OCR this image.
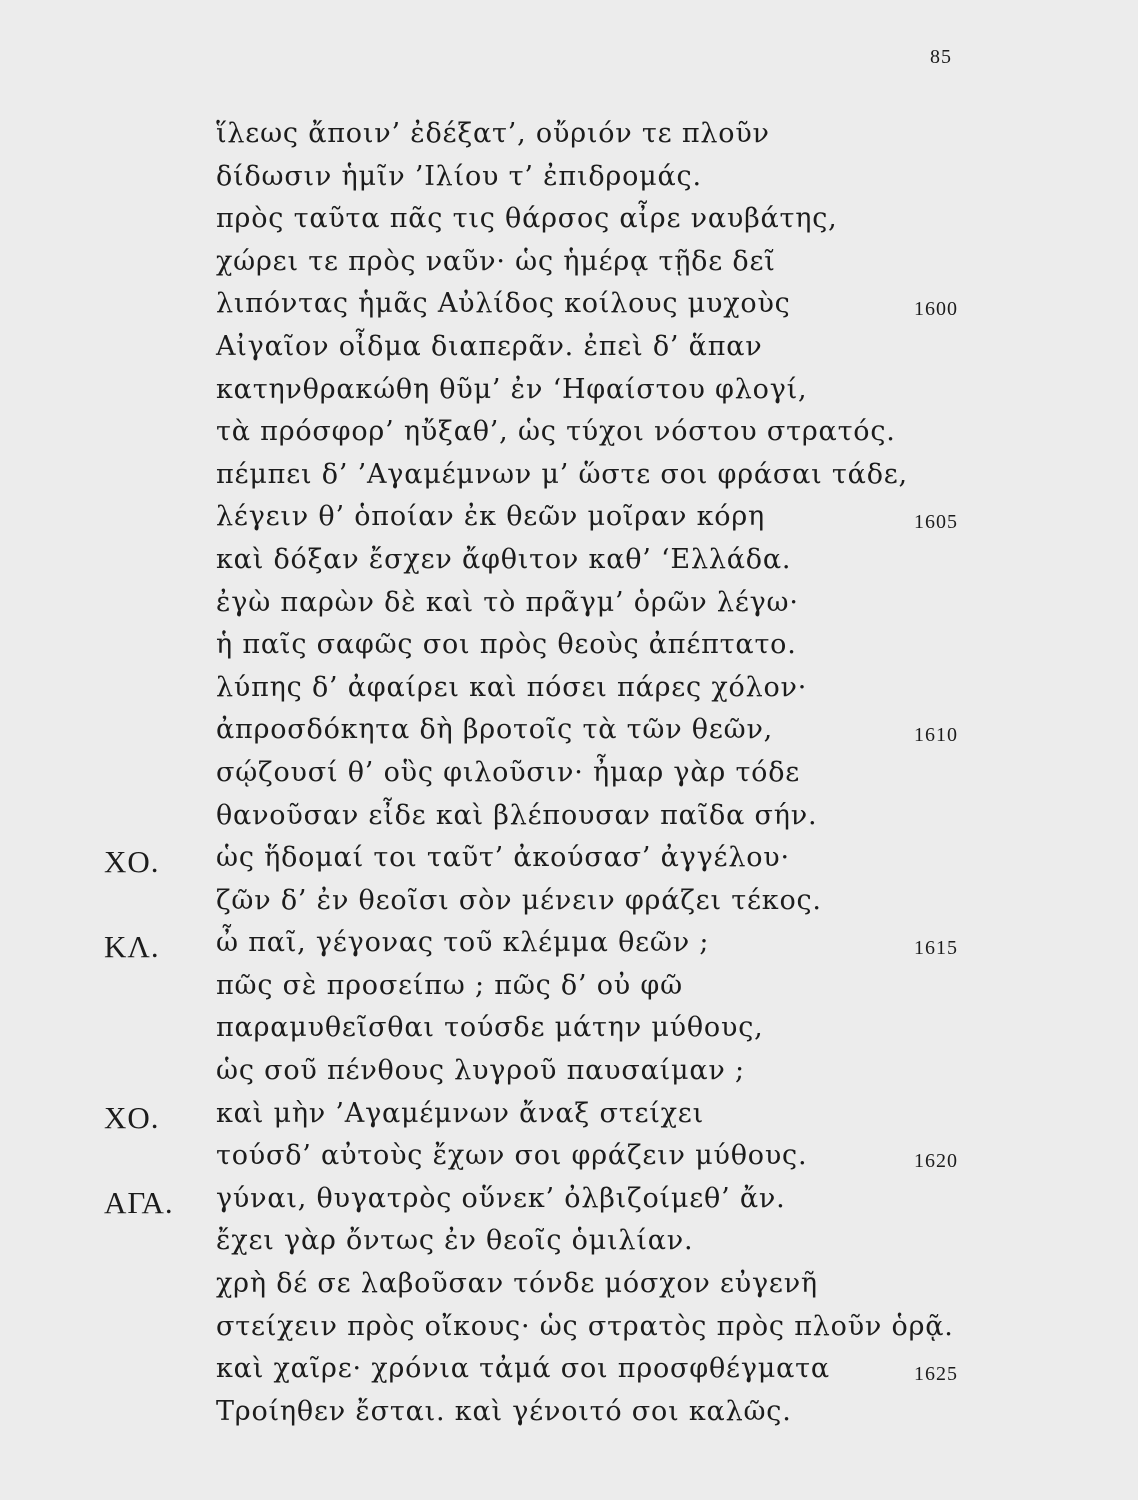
85
ἵλεως ἄποιν’ ἐδέξατ’, οὔριόν τε πλοῦν
δίδωσιν ἡμῖν ’Ιλίου τ’ ἐπιδρομάς.
πρὸς ταῦτα πᾶς τις θάρσος αἶρε ναυβάτης,
χώρει τε πρὸς ναῦν· ὡς ἡμέρᾳ τῇδε δεῖ
λιπόντας ἡμᾶς Αὐλίδος κοίλους μυχοὺς	1600
Αἰγαῖον οἶδμα διαπερᾶν. ἐπεὶ δ’ ἅπαν
κατηνθρακώθη θῦμ’ ἐν ‘Ηφαίστου φλογί,
τὰ πρόσφορ’ ηὔξαθ’, ὡς τύχοι νόστου στρατός.
πέμπει δ’ ’Αγαμέμνων μ’ ὥστε σοι φράσαι τάδε,
λέγειν θ’ ὁποίαν ἐκ θεῶν μοῖραν κόρη	1605
καὶ δόξαν ἔσχεν ἄφθιτον καθ’ ‘Ελλάδα.
ἐγὼ παρὼν δὲ καὶ τὸ πρᾶγμ’ ὁρῶν λέγω·
ἡ παῖς σαφῶς σοι πρὸς θεοὺς ἀπέπτατο.
λύπης δ’ ἀφαίρει καὶ πόσει πάρες χόλον·
ἀπροσδόκητα δὴ βροτοῖς τὰ τῶν θεῶν,	1610
σῴζουσί θ’ οὓς φιλοῦσιν· ἦμαρ γὰρ τόδε
θανοῦσαν εἶδε καὶ βλέπουσαν παῖδα σήν.
ΧΟ. ὡς ἥδομαί τοι ταῦτ’ ἀκούσασ’ ἀγγέλου·
ζῶν δ’ ἐν θεοῖσι σὸν μένειν φράζει τέκος.
ΚΛ. ὦ παῖ, γέγονας του̃ κλέμμα θεῶν ;	1615
πῶς σὲ προσείπω ; πῶς δ’ οὐ φῶ
παραμυθεῖσθαι τούσδε μάτην μύθους,
ὡς σου̃ πένθους λυγροῦ παυσαίμαν ;
ΧΟ. καὶ μὴν ’Αγαμέμνων ἄναξ στείχει
τούσδ’ αὐτοὺς ἔχων σοι φράζειν μύθους.	1620
ΑΓΑ. γύναι, θυγατρὸς οὕνεκ’ ὀλβιζοίμεθ’ ἄν.
ἔχει γὰρ ὄντως ἐν θεοῖς ὁμιλίαν.
χρὴ δέ σε λαβοῦσαν τόνδε μόσχον εὐγενῆ
στείχειν πρὸς οἴκους· ὡς στρατὸς πρὸς πλοῦν ὁρᾷ.
καὶ χαῖρε· χρόνια τἀμά σοι προσφθέγματα	1625
Τροίηθεν ἔσται. καὶ γένοιτό σοι καλῶς.
